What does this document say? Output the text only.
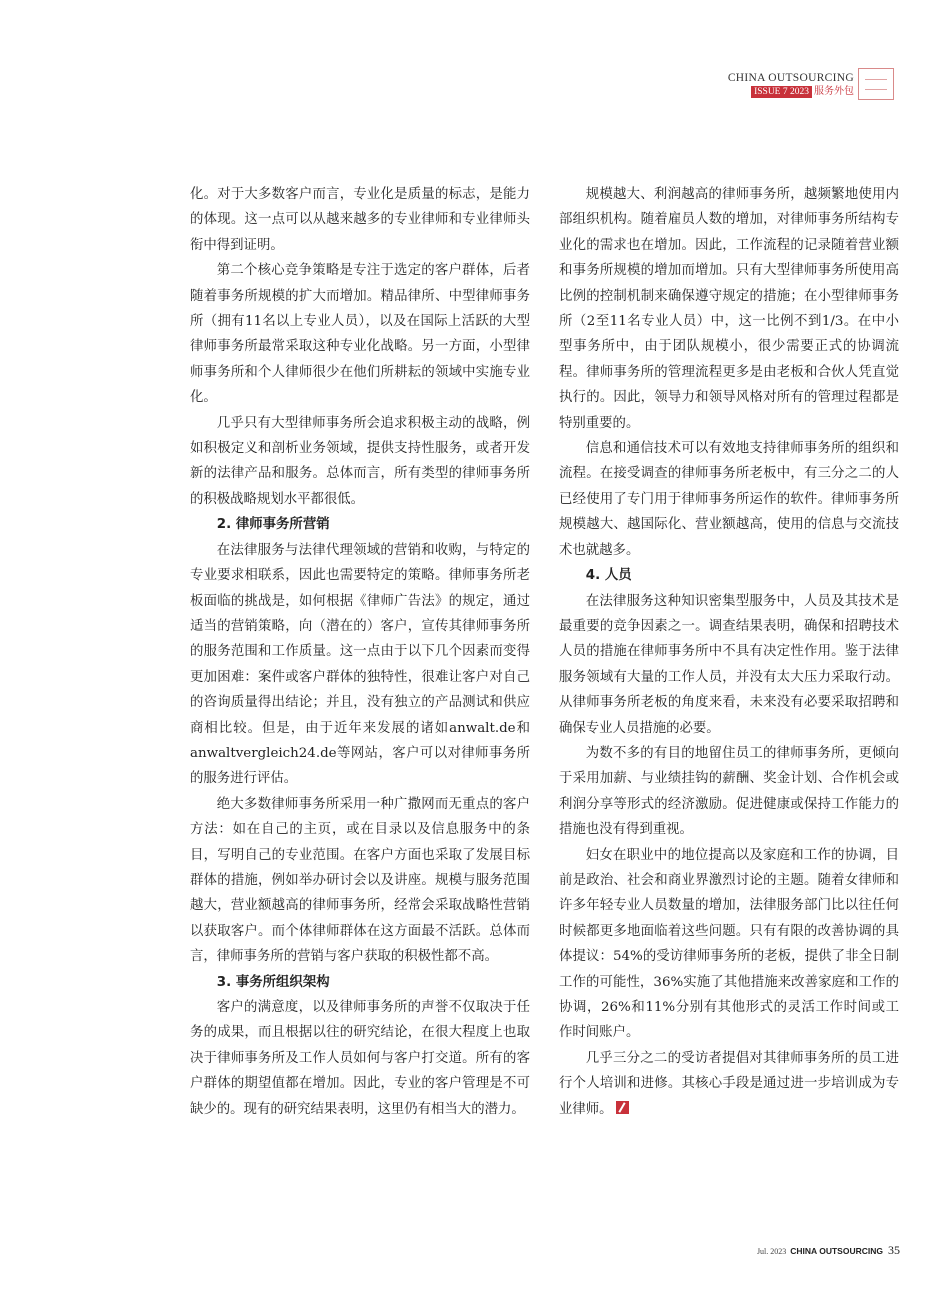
CHINA OUTSOURCING
ISSUE 7 2023 服务外包

化。对于大多数客户而言，专业化是质量的标志，是能力的体现。这一点可以从越来越多的专业律师和专业律师头衔中得到证明。

第二个核心竞争策略是专注于选定的客户群体，后者随着事务所规模的扩大而增加。精品律所、中型律师事务所（拥有11名以上专业人员），以及在国际上活跃的大型律师事务所最常采取这种专业化战略。另一方面，小型律师事务所和个人律师很少在他们所耕耘的领域中实施专业化。

几乎只有大型律师事务所会追求积极主动的战略，例如积极定义和剖析业务领域，提供支持性服务，或者开发新的法律产品和服务。总体而言，所有类型的律师事务所的积极战略规划水平都很低。

2. 律师事务所营销

在法律服务与法律代理领域的营销和收购，与特定的专业要求相联系，因此也需要特定的策略。律师事务所老板面临的挑战是，如何根据《律师广告法》的规定，通过适当的营销策略，向（潜在的）客户，宣传其律师事务所的服务范围和工作质量。这一点由于以下几个因素而变得更加困难：案件或客户群体的独特性，很难让客户对自己的咨询质量得出结论；并且，没有独立的产品测试和供应商相比较。但是，由于近年来发展的诸如anwalt.de和anwaltvergleich24.de等网站，客户可以对律师事务所的服务进行评估。

绝大多数律师事务所采用一种广撒网而无重点的客户方法：如在自己的主页，或在目录以及信息服务中的条目，写明自己的专业范围。在客户方面也采取了发展目标群体的措施，例如举办研讨会以及讲座。规模与服务范围越大，营业额越高的律师事务所，经常会采取战略性营销以获取客户。而个体律师群体在这方面最不活跃。总体而言，律师事务所的营销与客户获取的积极性都不高。

3. 事务所组织架构

客户的满意度，以及律师事务所的声誉不仅取决于任务的成果，而且根据以往的研究结论，在很大程度上也取决于律师事务所及工作人员如何与客户打交道。所有的客户群体的期望值都在增加。因此，专业的客户管理是不可缺少的。现有的研究结果表明，这里仍有相当大的潜力。

规模越大、利润越高的律师事务所，越频繁地使用内部组织机构。随着雇员人数的增加，对律师事务所结构专业化的需求也在增加。因此，工作流程的记录随着营业额和事务所规模的增加而增加。只有大型律师事务所使用高比例的控制机制来确保遵守规定的措施；在小型律师事务所（2至11名专业人员）中，这一比例不到1/3。在中小型事务所中，由于团队规模小，很少需要正式的协调流程。律师事务所的管理流程更多是由老板和合伙人凭直觉执行的。因此，领导力和领导风格对所有的管理过程都是特别重要的。

信息和通信技术可以有效地支持律师事务所的组织和流程。在接受调查的律师事务所老板中，有三分之二的人已经使用了专门用于律师事务所运作的软件。律师事务所规模越大、越国际化、营业额越高，使用的信息与交流技术也就越多。

4. 人员

在法律服务这种知识密集型服务中，人员及其技术是最重要的竞争因素之一。调查结果表明，确保和招聘技术人员的措施在律师事务所中不具有决定性作用。鉴于法律服务领域有大量的工作人员，并没有太大压力采取行动。从律师事务所老板的角度来看，未来没有必要采取招聘和确保专业人员措施的必要。

为数不多的有目的地留住员工的律师事务所，更倾向于采用加薪、与业绩挂钩的薪酬、奖金计划、合作机会或利润分享等形式的经济激励。促进健康或保持工作能力的措施也没有得到重视。

妇女在职业中的地位提高以及家庭和工作的协调，目前是政治、社会和商业界激烈讨论的主题。随着女律师和许多年轻专业人员数量的增加，法律服务部门比以往任何时候都更多地面临着这些问题。只有有限的改善协调的具体提议：54%的受访律师事务所的老板，提供了非全日制工作的可能性，36%实施了其他措施来改善家庭和工作的协调，26%和11%分别有其他形式的灵活工作时间或工作时间账户。

几乎三分之二的受访者提倡对其律师事务所的员工进行个人培训和进修。其核心手段是通过进一步培训成为专业律师。

Jul. 2023 CHINA OUTSOURCING 35
